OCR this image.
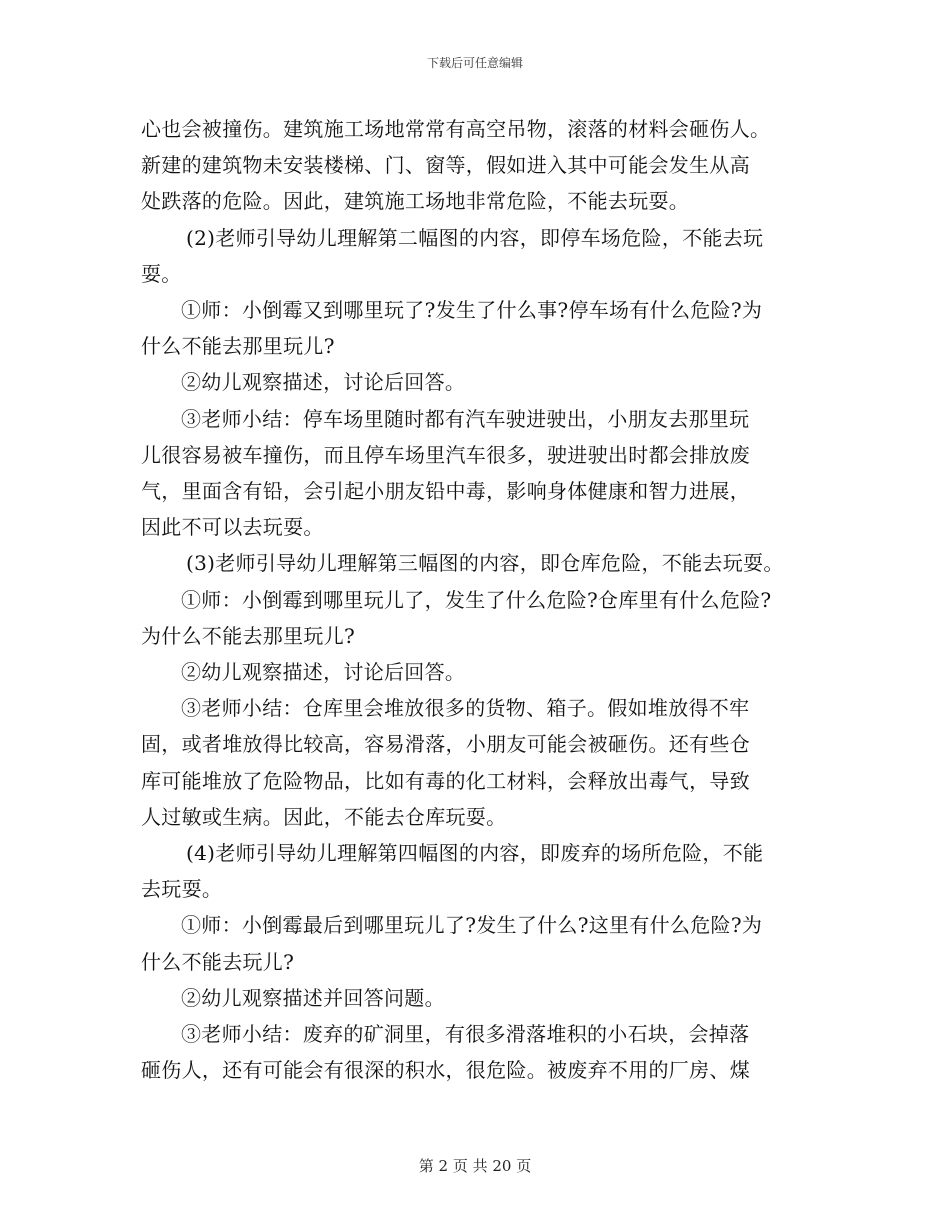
下载后可任意编辑

心也会被撞伤。建筑施工场地常常有高空吊物，滚落的材料会砸伤人。
新建的建筑物未安装楼梯、门、窗等，假如进入其中可能会发生从高
处跌落的危险。因此，建筑施工场地非常危险，不能去玩耍。

(2)老师引导幼儿理解第二幅图的内容，即停车场危险，不能去玩
耍。

①师：小倒霉又到哪里玩了?发生了什么事?停车场有什么危险?为
什么不能去那里玩儿?

②幼儿观察描述，讨论后回答。

③老师小结：停车场里随时都有汽车驶进驶出，小朋友去那里玩
儿很容易被车撞伤，而且停车场里汽车很多，驶进驶出时都会排放废
气，里面含有铅，会引起小朋友铅中毒，影响身体健康和智力进展，
因此不可以去玩耍。

(3)老师引导幼儿理解第三幅图的内容，即仓库危险，不能去玩耍。

①师：小倒霉到哪里玩儿了，发生了什么危险?仓库里有什么危险?
为什么不能去那里玩儿?

②幼儿观察描述，讨论后回答。

③老师小结：仓库里会堆放很多的货物、箱子。假如堆放得不牢
固，或者堆放得比较高，容易滑落，小朋友可能会被砸伤。还有些仓
库可能堆放了危险物品，比如有毒的化工材料，会释放出毒气，导致
人过敏或生病。因此，不能去仓库玩耍。

(4)老师引导幼儿理解第四幅图的内容，即废弃的场所危险，不能
去玩耍。

①师：小倒霉最后到哪里玩儿了?发生了什么?这里有什么危险?为
什么不能去玩儿?

②幼儿观察描述并回答问题。

③老师小结：废弃的矿洞里，有很多滑落堆积的小石块，会掉落
砸伤人，还有可能会有很深的积水，很危险。被废弃不用的厂房、煤

第 2 页 共 20 页
